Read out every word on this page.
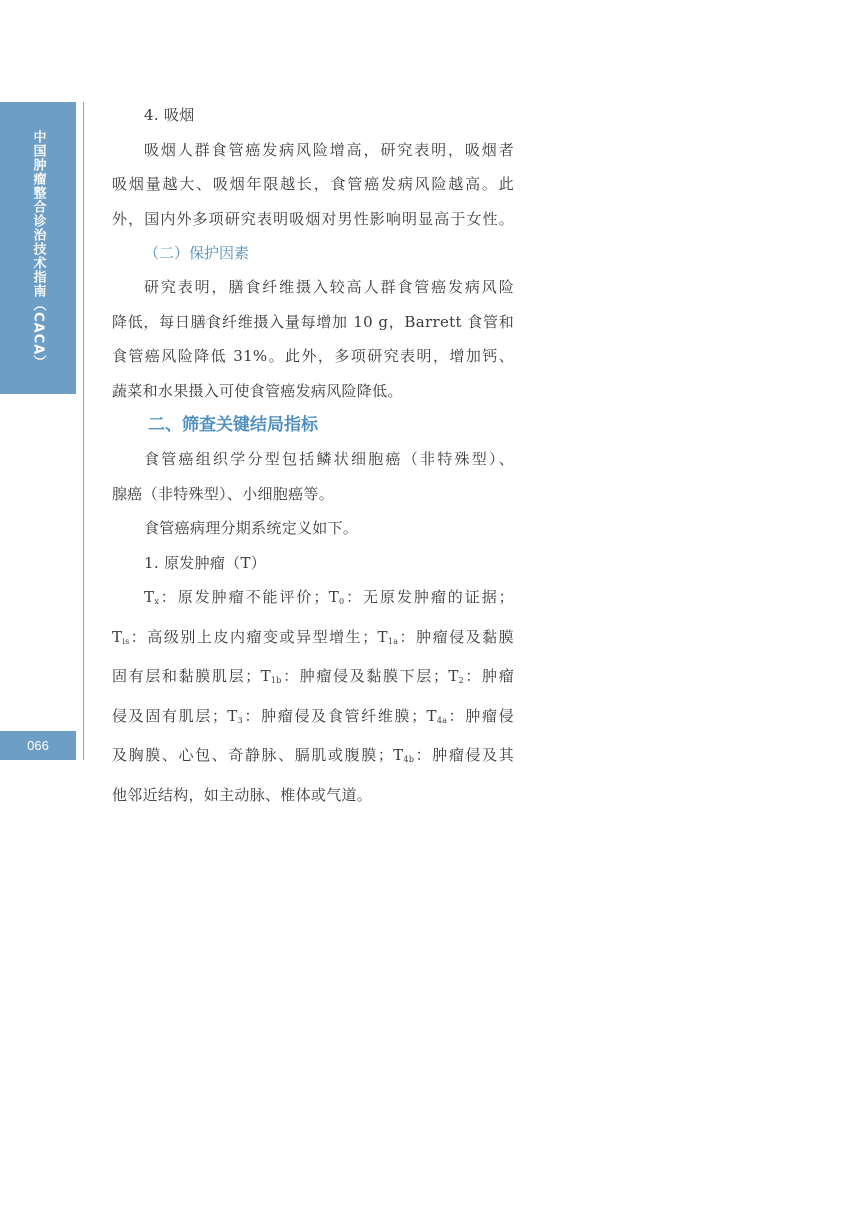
中国肿瘤整合诊治技术指南（CACA）
066
4. 吸烟
吸烟人群食管癌发病风险增高，研究表明，吸烟者
吸烟量越大、吸烟年限越长，食管癌发病风险越高。此
外，国内外多项研究表明吸烟对男性影响明显高于女性。
（二）保护因素
研究表明，膳食纤维摄入较高人群食管癌发病风险
降低，每日膳食纤维摄入量每增加 10 g，Barrett 食管和
食管癌风险降低 31%。此外，多项研究表明，增加钙、
蔬菜和水果摄入可使食管癌发病风险降低。
二、筛查关键结局指标
食管癌组织学分型包括鳞状细胞癌（非特殊型）、
腺癌（非特殊型）、小细胞癌等。
食管癌病理分期系统定义如下。
1. 原发肿瘤（T）
$T_x$：原发肿瘤不能评价；$T_0$：无原发肿瘤的证据；
$T_{is}$：高级别上皮内瘤变或异型增生；$T_{1a}$：肿瘤侵及黏膜
固有层和黏膜肌层；$T_{1b}$：肿瘤侵及黏膜下层；$T_2$：肿瘤
侵及固有肌层；$T_3$：肿瘤侵及食管纤维膜；$T_{4a}$：肿瘤侵
及胸膜、心包、奇静脉、膈肌或腹膜；$T_{4b}$：肿瘤侵及其
他邻近结构，如主动脉、椎体或气道。
